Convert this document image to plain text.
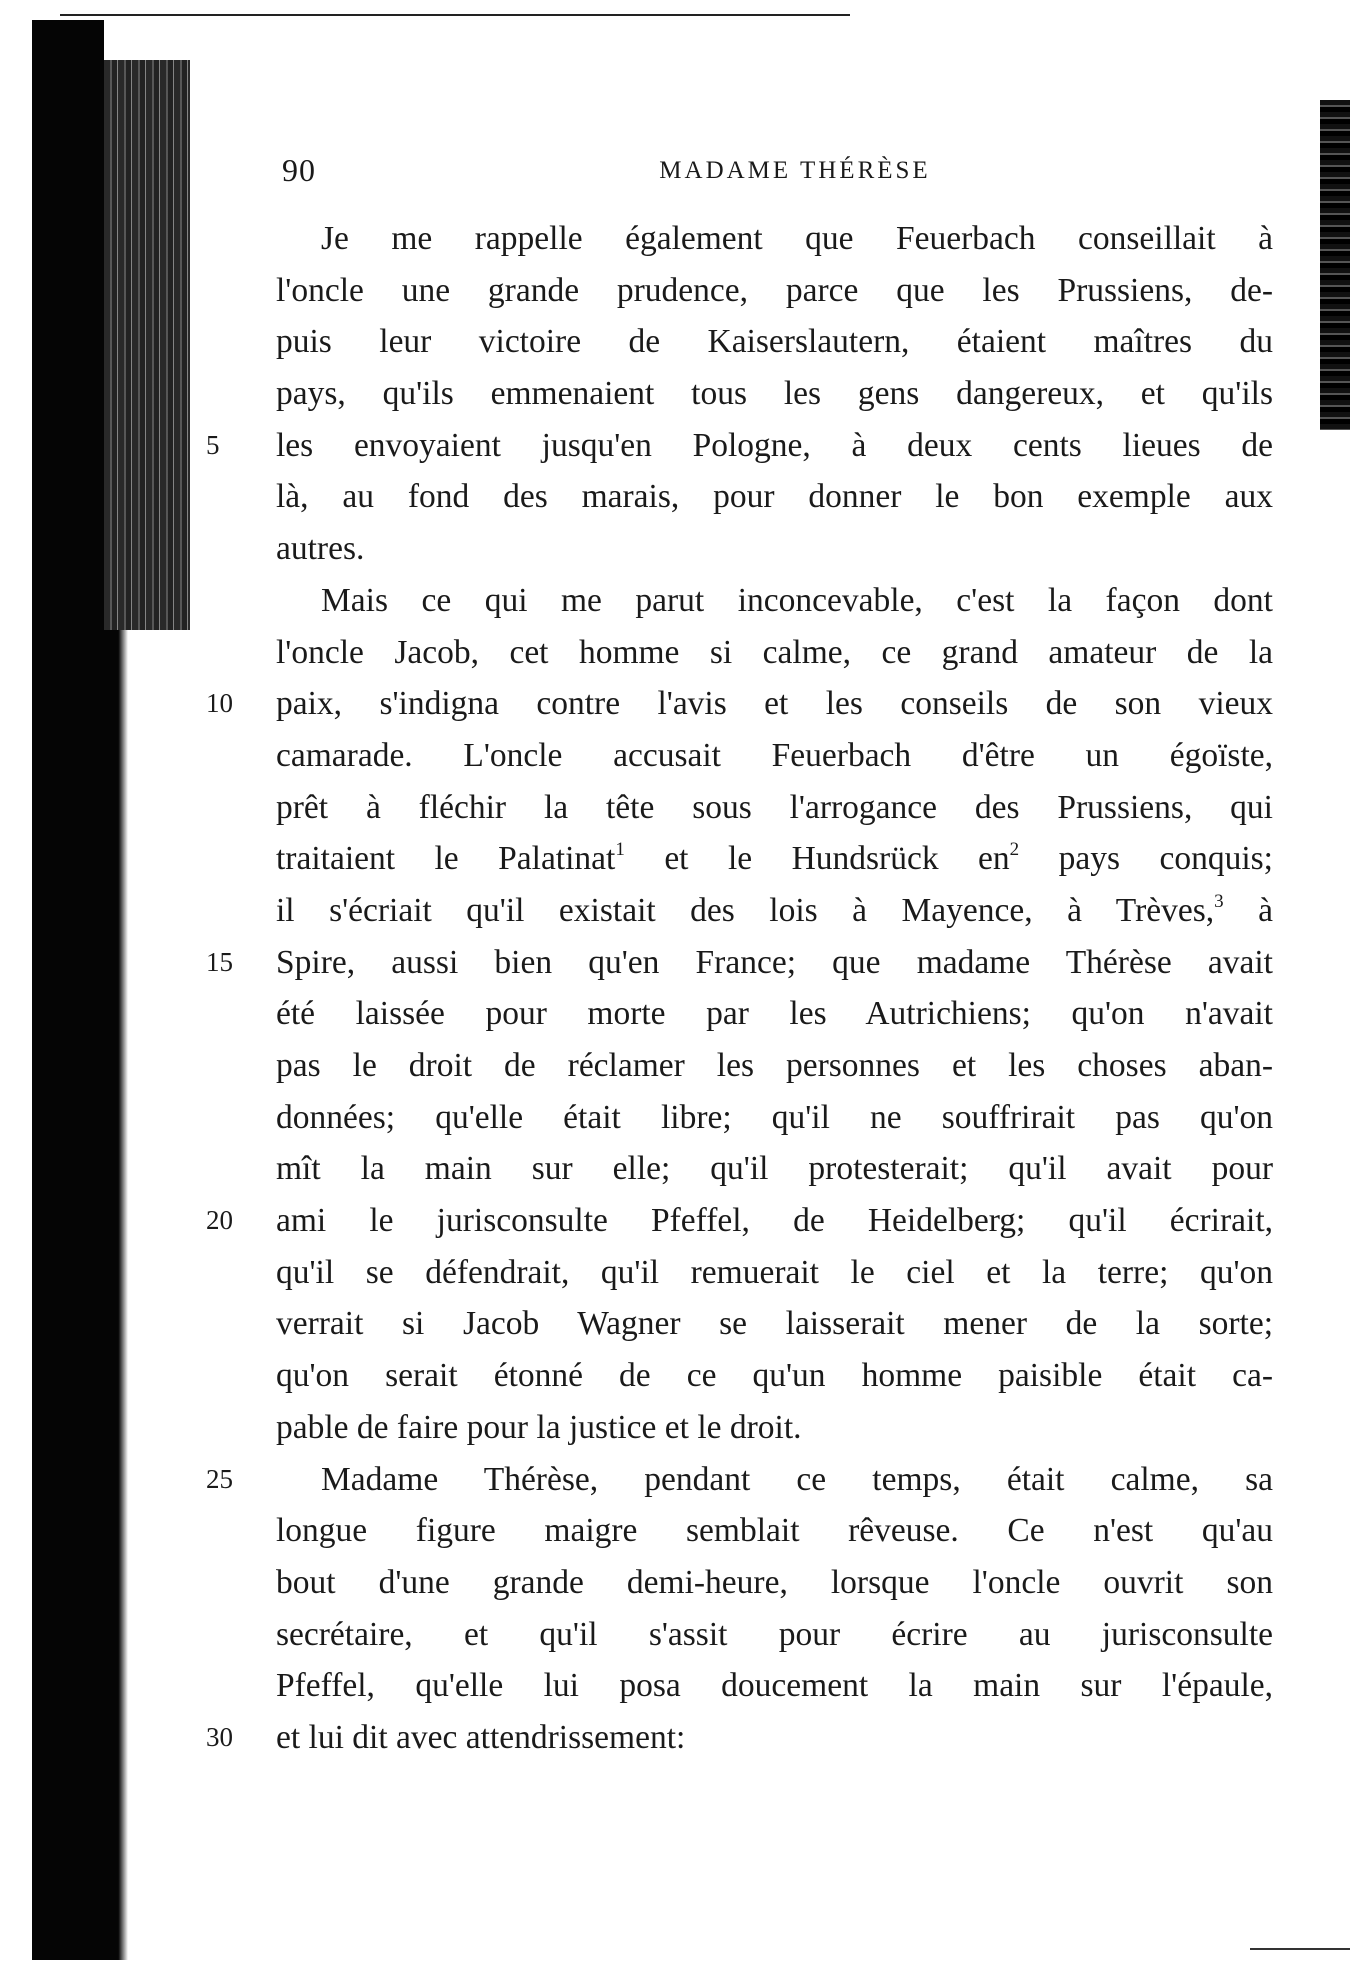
90	MADAME THÉRÈSE
Je me rappelle également que Feuerbach conseillait à
l'oncle une grande prudence, parce que les Prussiens, de-
puis leur victoire de Kaiserslautern, étaient maîtres du
pays, qu'ils emmenaient tous les gens dangereux, et qu'ils
5	les envoyaient jusqu'en Pologne, à deux cents lieues de
là, au fond des marais, pour donner le bon exemple aux
autres.
Mais ce qui me parut inconcevable, c'est la façon dont
l'oncle Jacob, cet homme si calme, ce grand amateur de la
10	paix, s'indigna contre l'avis et les conseils de son vieux
camarade. L'oncle accusait Feuerbach d'être un égoïste,
prêt à fléchir la tête sous l'arrogance des Prussiens, qui
traitaient le Palatinat$^1$ et le Hundsrück $en^2$ pays conquis;
il s'écriait qu'il existait des lois à Mayence, à Trèves,$^3$ à
15	Spire, aussi bien qu'en France; que madame Thérèse avait
été laissée pour morte par les Autrichiens; qu'on n'avait
pas le droit de réclamer les personnes et les choses aban-
données; qu'elle était libre; qu'il ne souffrirait pas qu'on
mît la main sur elle; qu'il protesterait; qu'il avait pour
20	ami le jurisconsulte Pfeffel, de Heidelberg; qu'il écrirait,
qu'il se défendrait, qu'il remuerait le ciel et la terre; qu'on
verrait si Jacob Wagner se laisserait mener de la sorte;
qu'on serait étonné de ce qu'un homme paisible était ca-
pable de faire pour la justice et le droit.
25	Madame Thérèse, pendant ce temps, était calme, sa
longue figure maigre semblait rêveuse. Ce n'est qu'au
bout d'une grande demi-heure, lorsque l'oncle ouvrit son
secrétaire, et qu'il s'assit pour écrire au jurisconsulte
Pfeffel, qu'elle lui posa doucement la main sur l'épaule,
30	et lui dit avec attendrissement:
